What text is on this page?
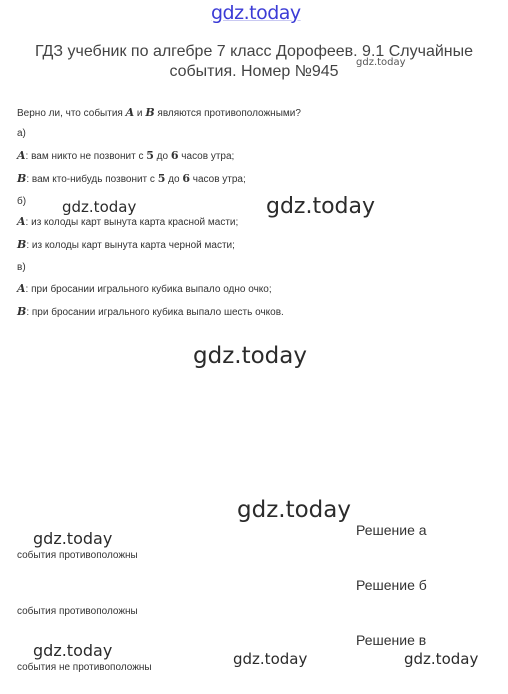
gdz.today
ГДЗ учебник по алгебре 7 класс Дорофеев. 9.1 Случайные события. Номер №945
gdz.today
Верно ли, что события A и B являются противоположными?
а)
A: вам никто не позвонит с 5 до 6 часов утра;
B: вам кто-нибудь позвонит с 5 до 6 часов утра;
б) gdz.today	gdz.today
A: из колоды карт вынута карта красной масти;
B: из колоды карт вынута карта черной масти;
в)
A: при бросании игрального кубика выпало одно очко;
B: при бросании игрального кубика выпало шесть очков.
gdz.today
gdz.today
Решение а
gdz.today
события противоположны
Решение б
события противоположны
Решение в
gdz.today	gdz.today	gdz.today
события не противоположны
